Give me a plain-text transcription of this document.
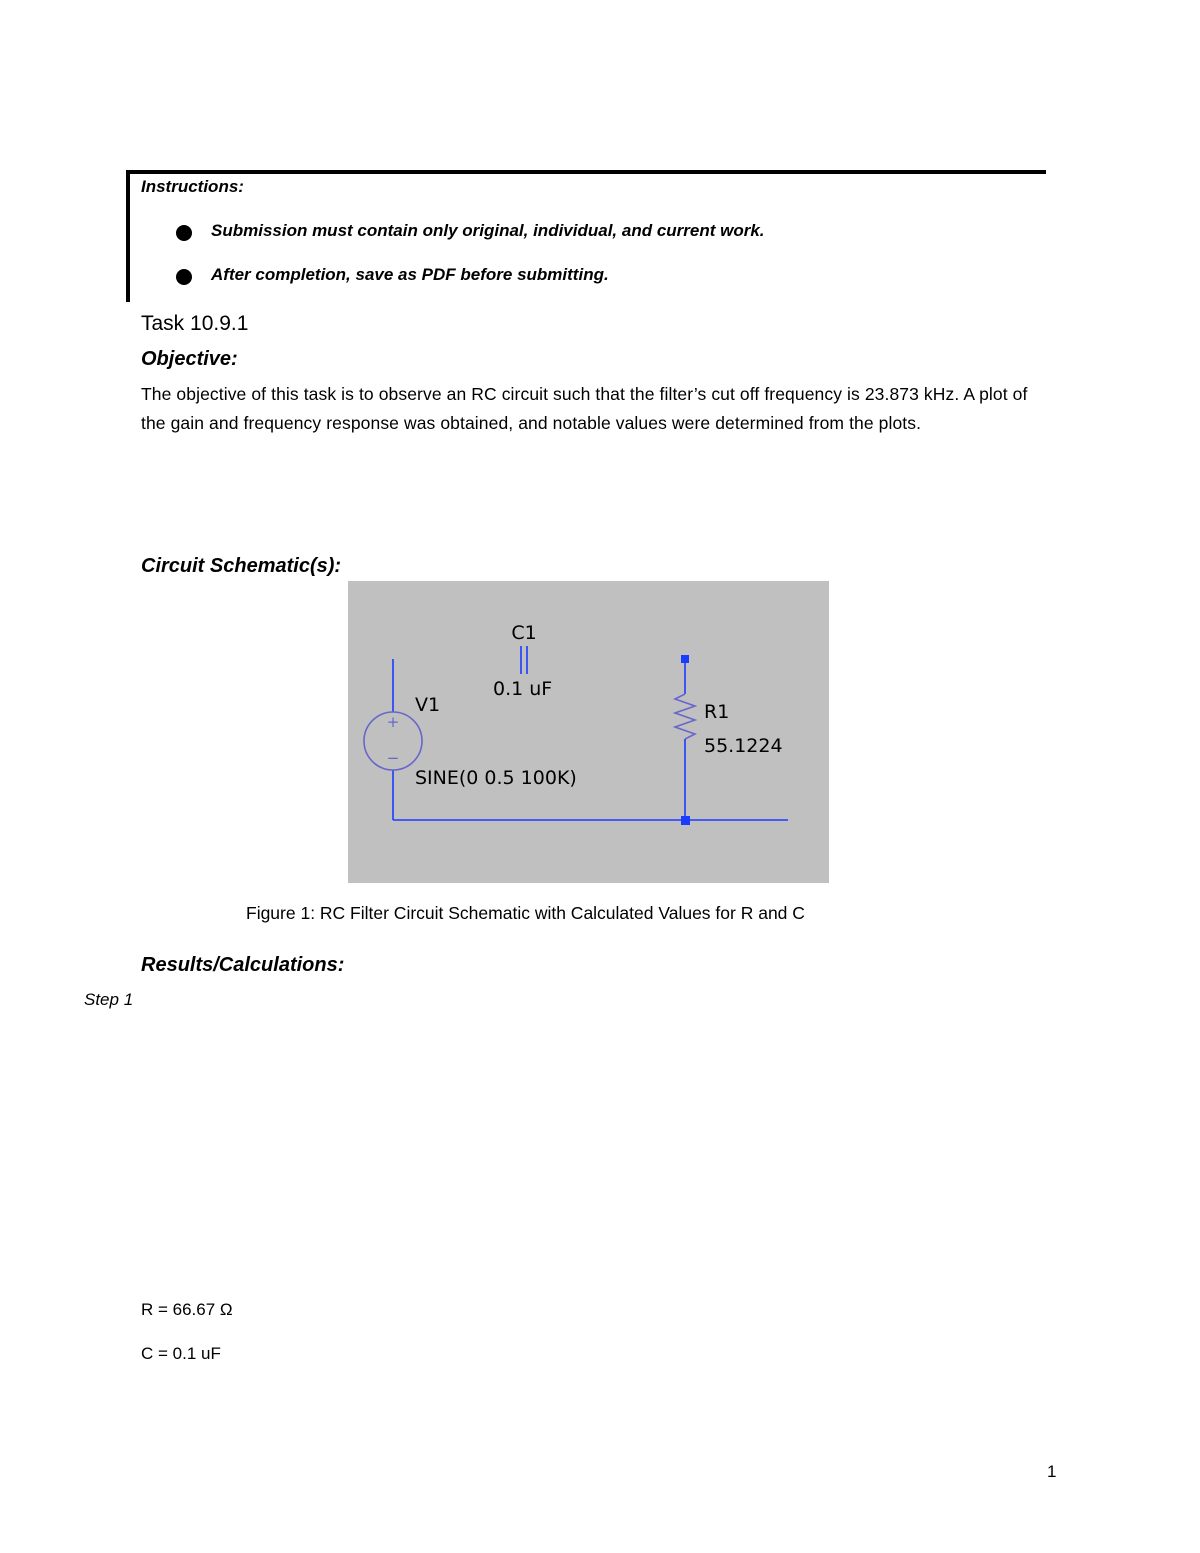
Instructions:
Submission must contain only original, individual, and current work.
After completion, save as PDF before submitting.
Task 10.9.1
Objective:
The objective of this task is to observe an RC circuit such that the filter’s cut off frequency is 23.873 kHz. A plot of the gain and frequency response was obtained, and notable values were determined from the plots.
Circuit Schematic(s):
+
−
C1
0.1 uF
V1
SINE(0 0.5 100K)
R1
55.1224
Figure 1: RC Filter Circuit Schematic with Calculated Values for R and C
Results/Calculations:
Step 1
R = 66.67 Ω
C = 0.1 uF
1
